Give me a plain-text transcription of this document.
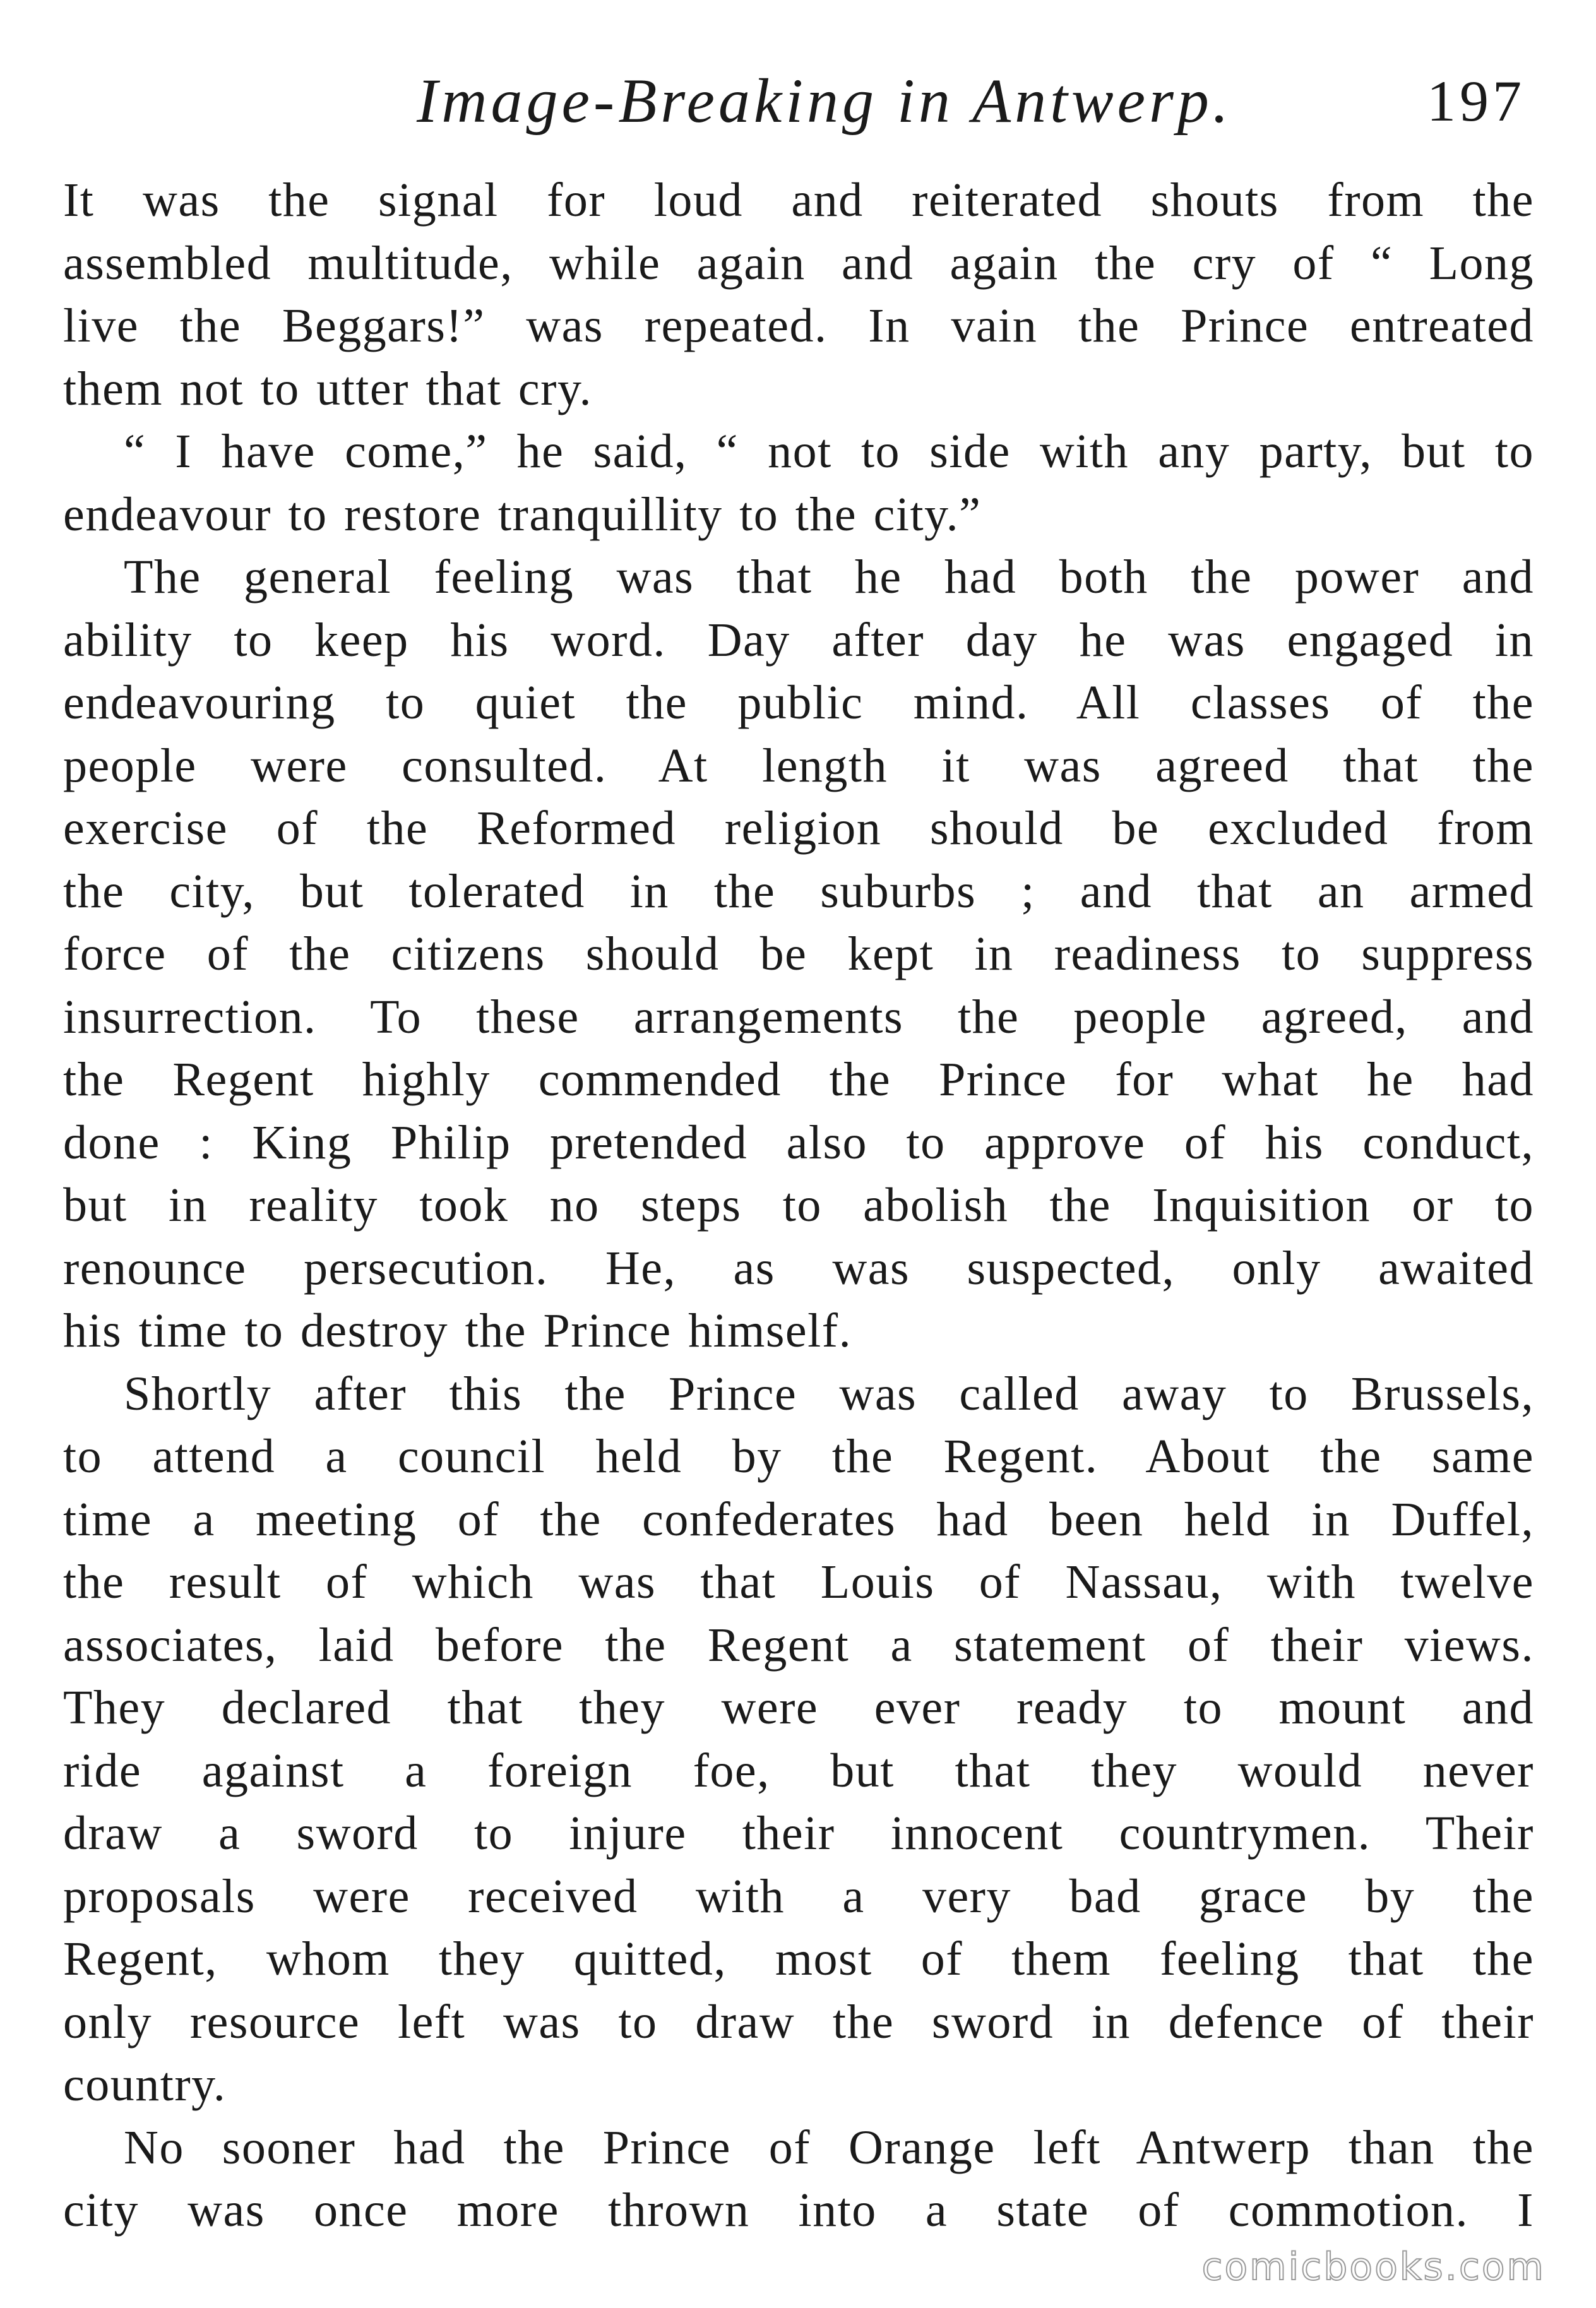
Image-Breaking in Antwerp.	197
It was the signal for loud and reiterated shouts from the
assembled multitude, while again and again the cry of “ Long
live the Beggars!” was repeated. In vain the Prince entreated
them not to utter that cry.
“ I have come,” he said, “ not to side with any party, but to
endeavour to restore tranquillity to the city.”
The general feeling was that he had both the power and
ability to keep his word. Day after day he was engaged in
endeavouring to quiet the public mind. All classes of the
people were consulted. At length it was agreed that the
exercise of the Reformed religion should be excluded from
the city, but tolerated in the suburbs ; and that an armed
force of the citizens should be kept in readiness to suppress
insurrection. To these arrangements the people agreed, and
the Regent highly commended the Prince for what he had
done : King Philip pretended also to approve of his conduct,
but in reality took no steps to abolish the Inquisition or to
renounce persecution. He, as was suspected, only awaited
his time to destroy the Prince himself.
Shortly after this the Prince was called away to Brussels,
to attend a council held by the Regent. About the same
time a meeting of the confederates had been held in Duffel,
the result of which was that Louis of Nassau, with twelve
associates, laid before the Regent a statement of their views.
They declared that they were ever ready to mount and
ride against a foreign foe, but that they would never
draw a sword to injure their innocent countrymen. Their
proposals were received with a very bad grace by the
Regent, whom they quitted, most of them feeling that the
only resource left was to draw the sword in defence of their
country.
No sooner had the Prince of Orange left Antwerp than the
city was once more thrown into a state of commotion. I
comicbooks.com
